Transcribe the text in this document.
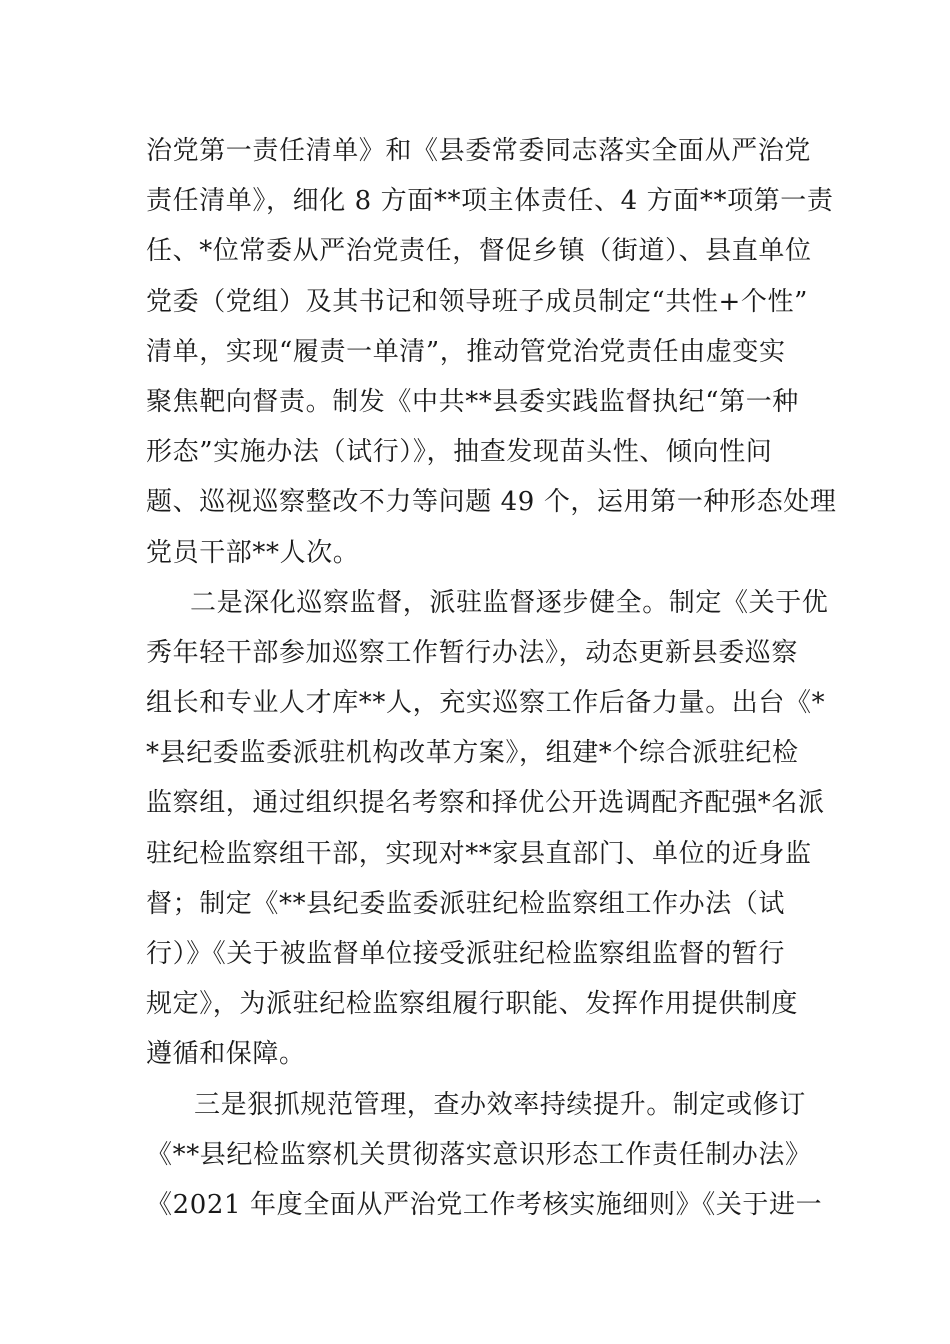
治党第一责任清单》和《县委常委同志落实全面从严治党
责任清单》，细化 8 方面**项主体责任、4 方面**项第一责
任、*位常委从严治党责任，督促乡镇（街道）、县直单位
党委（党组）及其书记和领导班子成员制定“共性+个性”
清单，实现“履责一单清”，推动管党治党责任由虚变实
聚焦靶向督责。制发《中共**县委实践监督执纪“第一种
形态”实施办法（试行）》，抽查发现苗头性、倾向性问
题、巡视巡察整改不力等问题 49 个，运用第一种形态处理
党员干部**人次。
二是深化巡察监督，派驻监督逐步健全。制定《关于优
秀年轻干部参加巡察工作暂行办法》，动态更新县委巡察
组长和专业人才库**人，充实巡察工作后备力量。出台《*
*县纪委监委派驻机构改革方案》，组建*个综合派驻纪检
监察组，通过组织提名考察和择优公开选调配齐配强*名派
驻纪检监察组干部，实现对**家县直部门、单位的近身监
督；制定《**县纪委监委派驻纪检监察组工作办法（试
行）》《关于被监督单位接受派驻纪检监察组监督的暂行
规定》，为派驻纪检监察组履行职能、发挥作用提供制度
遵循和保障。
三是狠抓规范管理，查办效率持续提升。制定或修订
《**县纪检监察机关贯彻落实意识形态工作责任制办法》
《2021 年度全面从严治党工作考核实施细则》《关于进一
